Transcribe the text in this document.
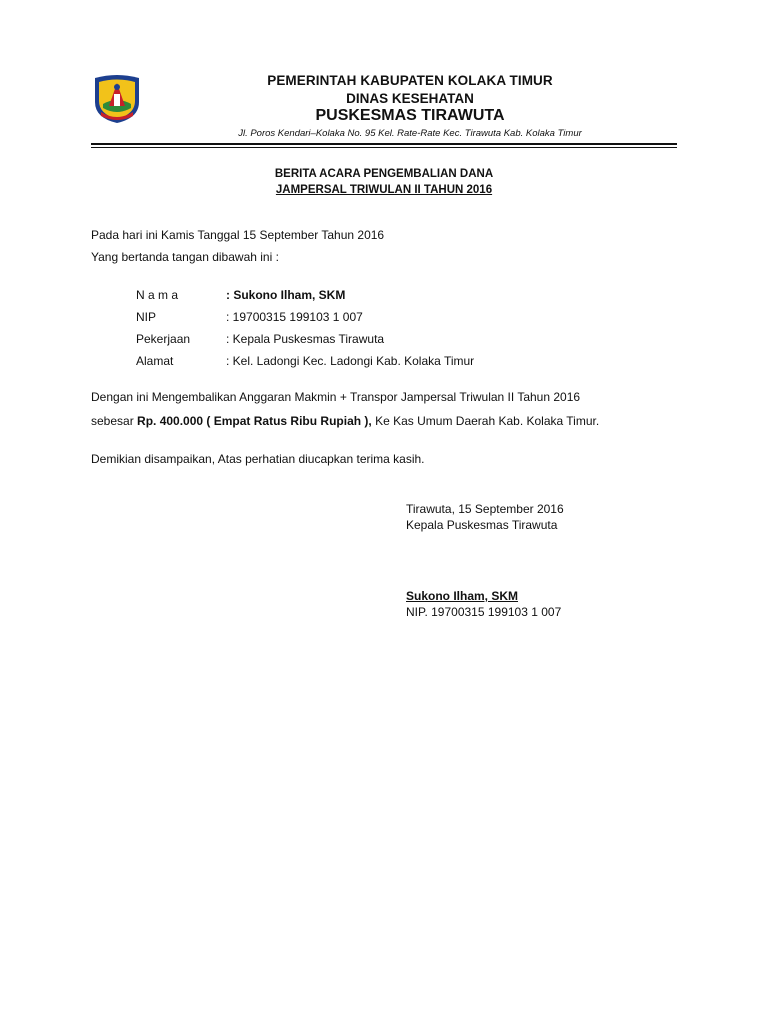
PEMERINTAH KABUPATEN KOLAKA TIMUR
DINAS KESEHATAN
PUSKESMAS TIRAWUTA
Jl. Poros Kendari–Kolaka No. 95 Kel. Rate-Rate Kec. Tirawuta Kab. Kolaka Timur
BERITA ACARA PENGEMBALIAN DANA
JAMPERSAL TRIWULAN II TAHUN 2016
Pada hari ini Kamis Tanggal 15 September Tahun 2016
Yang bertanda tangan dibawah ini :
N a m a	: Sukono Ilham, SKM
NIP	: 19700315 199103 1 007
Pekerjaan	: Kepala Puskesmas Tirawuta
Alamat	: Kel. Ladongi Kec. Ladongi Kab. Kolaka Timur
Dengan ini Mengembalikan Anggaran Makmin + Transpor Jampersal Triwulan II Tahun 2016
sebesar Rp. 400.000 ( Empat Ratus Ribu Rupiah ), Ke Kas Umum Daerah Kab. Kolaka Timur.
Demikian disampaikan, Atas perhatian diucapkan terima kasih.
Tirawuta, 15 September 2016
Kepala Puskesmas Tirawuta
Sukono Ilham, SKM
NIP. 19700315 199103 1 007
